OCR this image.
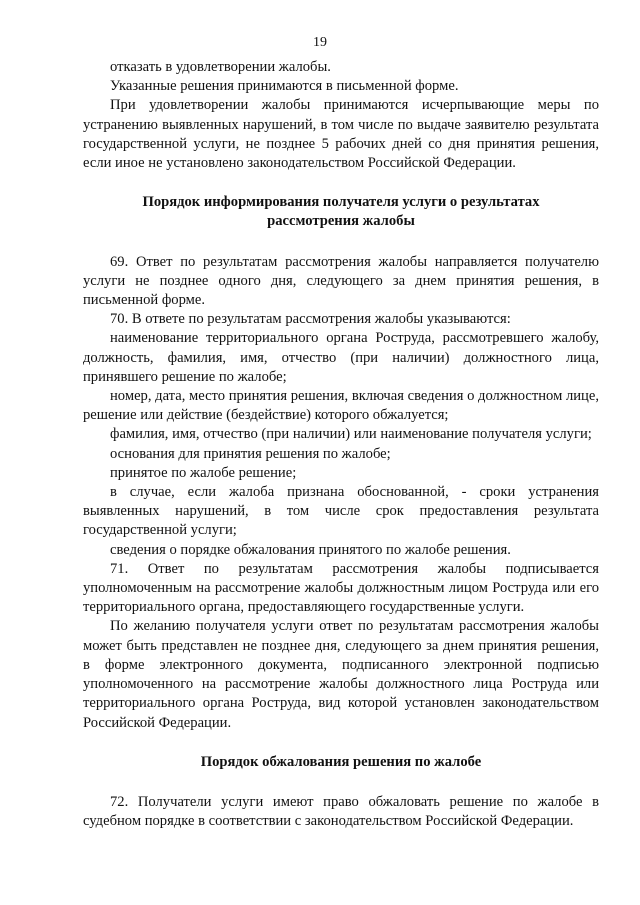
19

отказать в удовлетворении жалобы.

Указанные решения принимаются в письменной форме.

При удовлетворении жалобы принимаются исчерпывающие меры по устранению выявленных нарушений, в том числе по выдаче заявителю результата государственной услуги, не позднее 5 рабочих дней со дня принятия решения, если иное не установлено законодательством Российской Федерации.

Порядок информирования получателя услуги о результатах
рассмотрения жалобы

69. Ответ по результатам рассмотрения жалобы направляется получателю услуги не позднее одного дня, следующего за днем принятия решения, в письменной форме.

70. В ответе по результатам рассмотрения жалобы указываются:

наименование территориального органа Роструда, рассмотревшего жалобу, должность, фамилия, имя, отчество (при наличии) должностного лица, принявшего решение по жалобе;

номер, дата, место принятия решения, включая сведения о должностном лице, решение или действие (бездействие) которого обжалуется;

фамилия, имя, отчество (при наличии) или наименование получателя услуги;

основания для принятия решения по жалобе;

принятое по жалобе решение;

в случае, если жалоба признана обоснованной, - сроки устранения выявленных нарушений, в том числе срок предоставления результата государственной услуги;

сведения о порядке обжалования принятого по жалобе решения.

71. Ответ по результатам рассмотрения жалобы подписывается уполномоченным на рассмотрение жалобы должностным лицом Роструда или его территориального органа, предоставляющего государственные услуги.

По желанию получателя услуги ответ по результатам рассмотрения жалобы может быть представлен не позднее дня, следующего за днем принятия решения, в форме электронного документа, подписанного электронной подписью уполномоченного на рассмотрение жалобы должностного лица Роструда или территориального органа Роструда, вид которой установлен законодательством Российской Федерации.

Порядок обжалования решения по жалобе

72. Получатели услуги имеют право обжаловать решение по жалобе в судебном порядке в соответствии с законодательством Российской Федерации.
